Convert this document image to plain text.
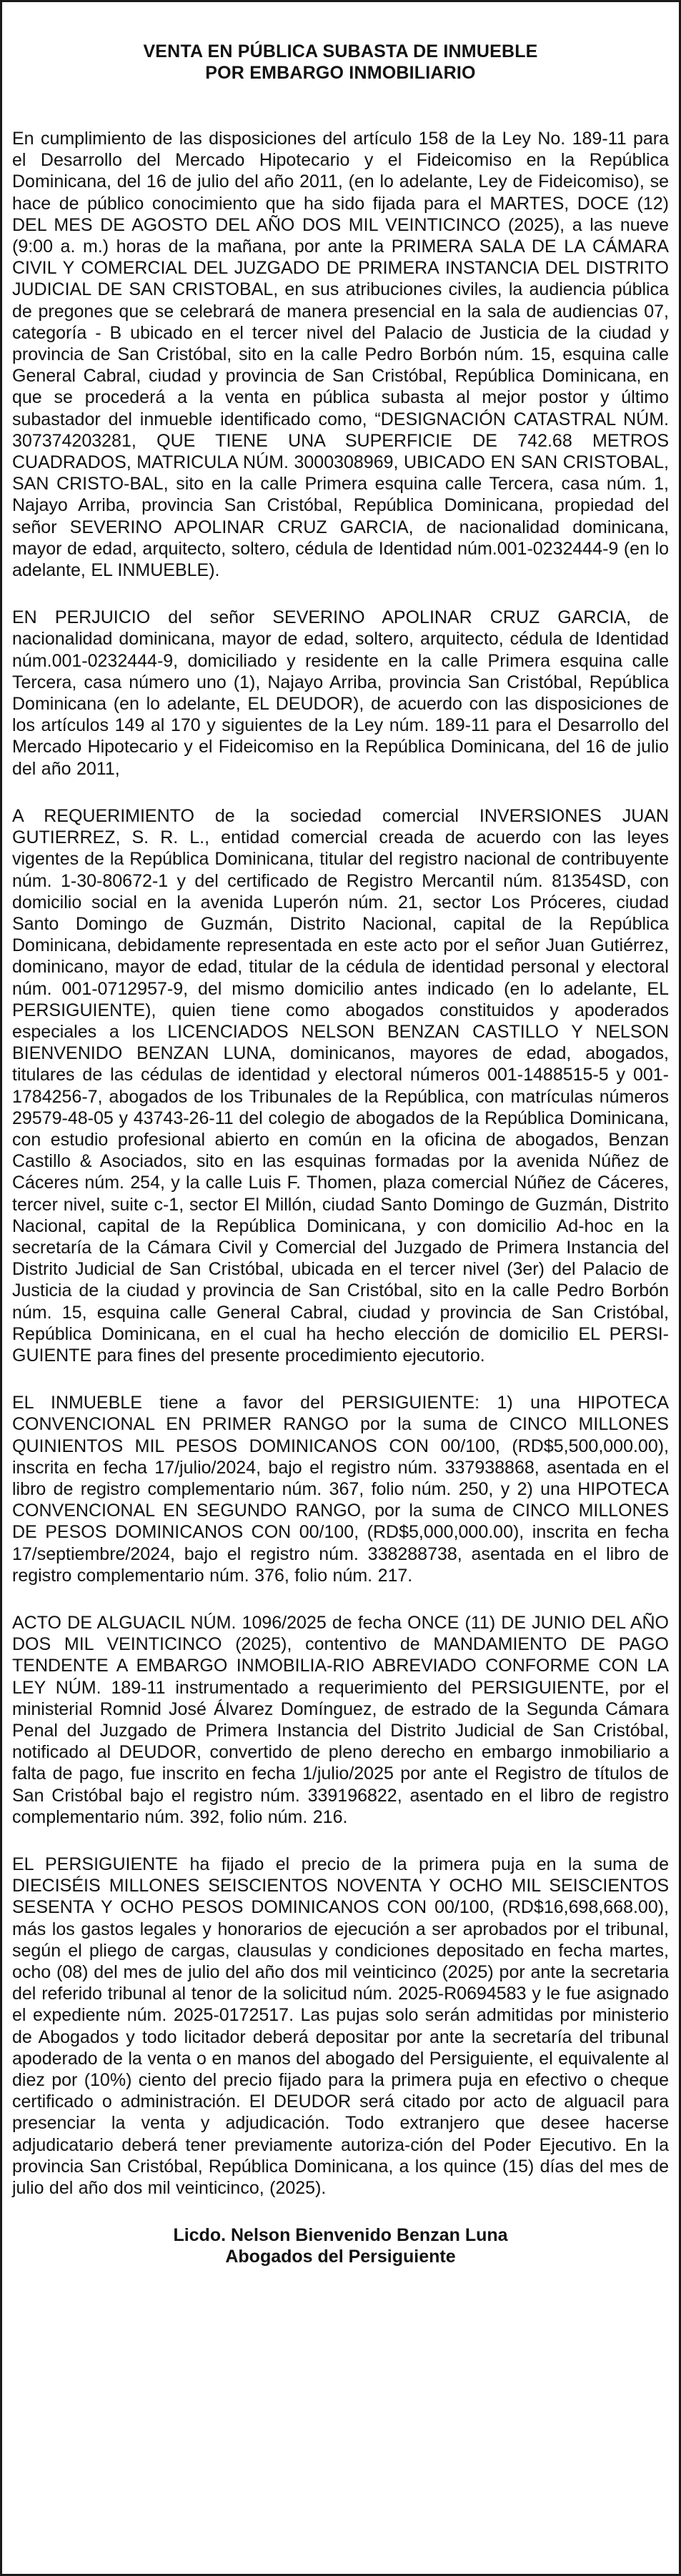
VENTA EN PÚBLICA SUBASTA DE INMUEBLE
POR EMBARGO INMOBILIARIO

En cumplimiento de las disposiciones del artículo 158 de la Ley No. 189-11 para el Desarrollo del Mercado Hipotecario y el Fideicomiso en la República Dominicana, del 16 de julio del año 2011, (en lo adelante, Ley de Fideicomiso), se hace de público conocimiento que ha sido fijada para el MARTES, DOCE (12) DEL MES DE AGOSTO DEL AÑO DOS MIL VEINTICINCO (2025), a las nueve (9:00 a. m.) horas de la mañana, por ante la PRIMERA SALA DE LA CÁMARA CIVIL Y COMERCIAL DEL JUZGADO DE PRIMERA INSTANCIA DEL DISTRITO JUDICIAL DE SAN CRISTOBAL, en sus atribuciones civiles, la audiencia pública de pregones que se celebrará de manera presencial en la sala de audiencias 07, categoría - B ubicado en el tercer nivel del Palacio de Justicia de la ciudad y provincia de San Cristóbal, sito en la calle Pedro Borbón núm. 15, esquina calle General Cabral, ciudad y provincia de San Cristóbal, República Dominicana, en que se procederá a la venta en pública subasta al mejor postor y último subastador del inmueble identificado como, “DESIGNACIÓN CATASTRAL NÚM. 307374203281, QUE TIENE UNA SUPERFICIE DE 742.68 METROS CUADRADOS, MATRICULA NÚM. 3000308969, UBICADO EN SAN CRISTOBAL, SAN CRISTO-BAL, sito en la calle Primera esquina calle Tercera, casa núm. 1, Najayo Arriba, provincia San Cristóbal, República Dominicana, propiedad del señor SEVERINO APOLINAR CRUZ GARCIA, de nacionalidad dominicana, mayor de edad, arquitecto, soltero, cédula de Identidad núm.001-0232444-9 (en lo adelante, EL INMUEBLE).

EN PERJUICIO del señor SEVERINO APOLINAR CRUZ GARCIA, de nacionalidad dominicana, mayor de edad, soltero, arquitecto, cédula de Identidad núm.001-0232444-9, domiciliado y residente en la calle Primera esquina calle Tercera, casa número uno (1), Najayo Arriba, provincia San Cristóbal, República Dominicana (en lo adelante, EL DEUDOR), de acuerdo con las disposiciones de los artículos 149 al 170 y siguientes de la Ley núm. 189-11 para el Desarrollo del Mercado Hipotecario y el Fideicomiso en la República Dominicana, del 16 de julio del año 2011,

A REQUERIMIENTO de la sociedad comercial INVERSIONES JUAN GUTIERREZ, S. R. L., entidad comercial creada de acuerdo con las leyes vigentes de la República Dominicana, titular del registro nacional de contribuyente núm. 1-30-80672-1 y del certificado de Registro Mercantil núm. 81354SD, con domicilio social en la avenida Luperón núm. 21, sector Los Próceres, ciudad Santo Domingo de Guzmán, Distrito Nacional, capital de la República Dominicana, debidamente representada en este acto por el señor Juan Gutiérrez, dominicano, mayor de edad, titular de la cédula de identidad personal y electoral núm. 001-0712957-9, del mismo domicilio antes indicado (en lo adelante, EL PERSIGUIENTE), quien tiene como abogados constituidos y apoderados especiales a los LICENCIADOS NELSON BENZAN CASTILLO Y NELSON BIENVENIDO BENZAN LUNA, dominicanos, mayores de edad, abogados, titulares de las cédulas de identidad y electoral números 001-1488515-5 y 001-1784256-7, abogados de los Tribunales de la República, con matrículas números 29579-48-05 y 43743-26-11 del colegio de abogados de la República Dominicana, con estudio profesional abierto en común en la oficina de abogados, Benzan Castillo & Asociados, sito en las esquinas formadas por la avenida Núñez de Cáceres núm. 254, y la calle Luis F. Thomen, plaza comercial Núñez de Cáceres, tercer nivel, suite c-1, sector El Millón, ciudad Santo Domingo de Guzmán, Distrito Nacional, capital de la República Dominicana, y con domicilio Ad-hoc en la secretaría de la Cámara Civil y Comercial del Juzgado de Primera Instancia del Distrito Judicial de San Cristóbal, ubicada en el tercer nivel (3er) del Palacio de Justicia de la ciudad y provincia de San Cristóbal, sito en la calle Pedro Borbón núm. 15, esquina calle General Cabral, ciudad y provincia de San Cristóbal, República Dominicana, en el cual ha hecho elección de domicilio EL PERSI-GUIENTE para fines del presente procedimiento ejecutorio.

EL INMUEBLE tiene a favor del PERSIGUIENTE: 1) una HIPOTECA CONVENCIONAL EN PRIMER RANGO por la suma de CINCO MILLONES QUINIENTOS MIL PESOS DOMINICANOS CON 00/100, (RD$5,500,000.00), inscrita en fecha 17/julio/2024, bajo el registro núm. 337938868, asentada en el libro de registro complementario núm. 367, folio núm. 250, y 2) una HIPOTECA CONVENCIONAL EN SEGUNDO RANGO, por la suma de CINCO MILLONES DE PESOS DOMINICANOS CON 00/100, (RD$5,000,000.00), inscrita en fecha 17/septiembre/2024, bajo el registro núm. 338288738, asentada en el libro de registro complementario núm. 376, folio núm. 217.

ACTO DE ALGUACIL NÚM. 1096/2025 de fecha ONCE (11) DE JUNIO DEL AÑO DOS MIL VEINTICINCO (2025), contentivo de MANDAMIENTO DE PAGO TENDENTE A EMBARGO INMOBILIA-RIO ABREVIADO CONFORME CON LA LEY NÚM. 189-11 instrumentado a requerimiento del PERSIGUIENTE, por el ministerial Romnid José Álvarez Domínguez, de estrado de la Segunda Cámara Penal del Juzgado de Primera Instancia del Distrito Judicial de San Cristóbal, notificado al DEUDOR, convertido de pleno derecho en embargo inmobiliario a falta de pago, fue inscrito en fecha 1/julio/2025 por ante el Registro de títulos de San Cristóbal bajo el registro núm. 339196822, asentado en el libro de registro complementario núm. 392, folio núm. 216.

EL PERSIGUIENTE ha fijado el precio de la primera puja en la suma de DIECISÉIS MILLONES SEISCIENTOS NOVENTA Y OCHO MIL SEISCIENTOS SESENTA Y OCHO PESOS DOMINICANOS CON 00/100, (RD$16,698,668.00), más los gastos legales y honorarios de ejecución a ser aprobados por el tribunal, según el pliego de cargas, clausulas y condiciones depositado en fecha martes, ocho (08) del mes de julio del año dos mil veinticinco (2025) por ante la secretaria del referido tribunal al tenor de la solicitud núm. 2025-R0694583 y le fue asignado el expediente núm. 2025-0172517. Las pujas solo serán admitidas por ministerio de Abogados y todo licitador deberá depositar por ante la secretaría del tribunal apoderado de la venta o en manos del abogado del Persiguiente, el equivalente al diez por (10%) ciento del precio fijado para la primera puja en efectivo o cheque certificado o administración. El DEUDOR será citado por acto de alguacil para presenciar la venta y adjudicación. Todo extranjero que desee hacerse adjudicatario deberá tener previamente autoriza-ción del Poder Ejecutivo. En la provincia San Cristóbal, República Dominicana, a los quince (15) días del mes de julio del año dos mil veinticinco, (2025).

Licdo. Nelson Bienvenido Benzan Luna
Abogados del Persiguiente
